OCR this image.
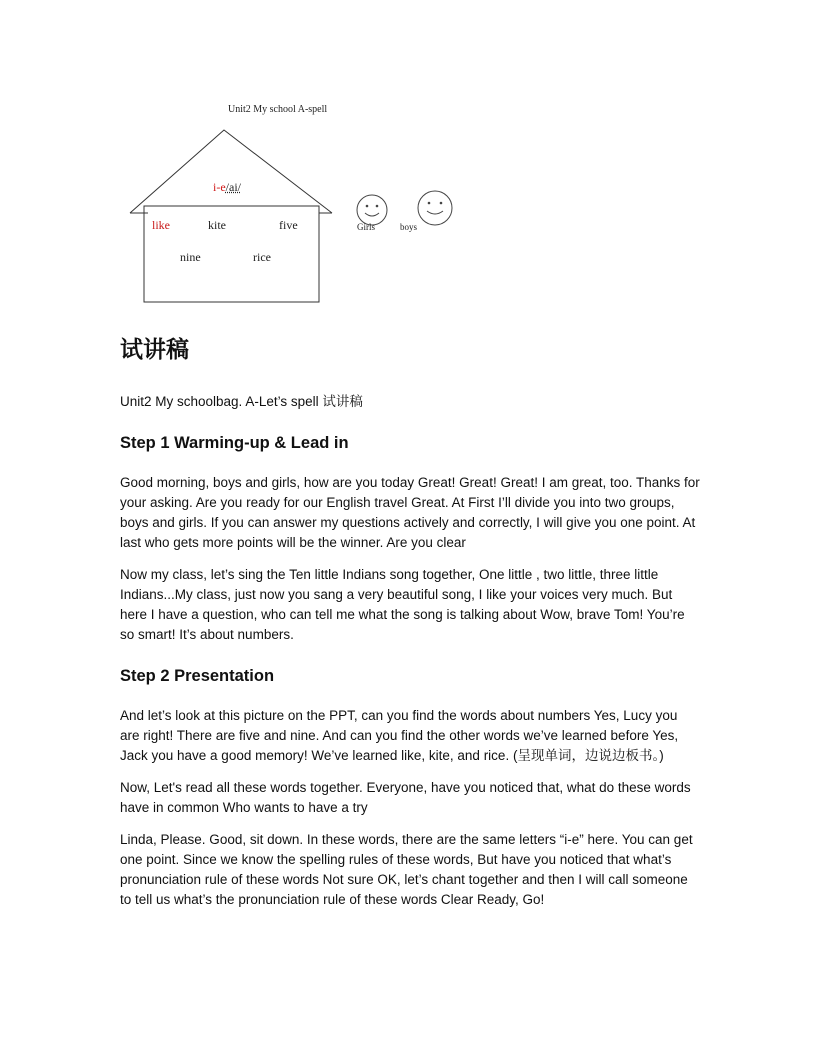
Unit2 My school A-spell
i-e/ai/
like	kite	five
nine	rice
Girls	boys
试讲稿
Unit2 My schoolbag. A-Let’s spell 试讲稿
Step 1 Warming-up & Lead in

Good morning, boys and girls, how are you today Great! Great! Great! I am great, too. Thanks for your asking. Are you ready for our English travel Great. At First I’ll divide you into two groups, boys and girls. If you can answer my questions actively and correctly, I will give you one point. At last who gets more points will be the winner. Are you clear

Now my class, let’s sing the Ten little Indians song together, One little , two little, three little Indians...My class, just now you sang a very beautiful song, I like your voices very much. But here I have a question, who can tell me what the song is talking about Wow, brave Tom! You’re so smart! It’s about numbers.

Step 2 Presentation

And let’s look at this picture on the PPT, can you find the words about numbers Yes, Lucy you are right! There are five and nine. And can you find the other words we’ve learned before Yes, Jack you have a good memory! We’ve learned like, kite, and rice. (呈现单词，边说边板书。)

Now, Let's read all these words together. Everyone, have you noticed that, what do these words have in common Who wants to have a try

Linda, Please. Good, sit down. In these words, there are the same letters “i-e” here. You can get one point. Since we know the spelling rules of these words, But have you noticed that what’s pronunciation rule of these words Not sure OK, let’s chant together and then I will call someone to tell us what’s the pronunciation rule of these words Clear Ready, Go!
